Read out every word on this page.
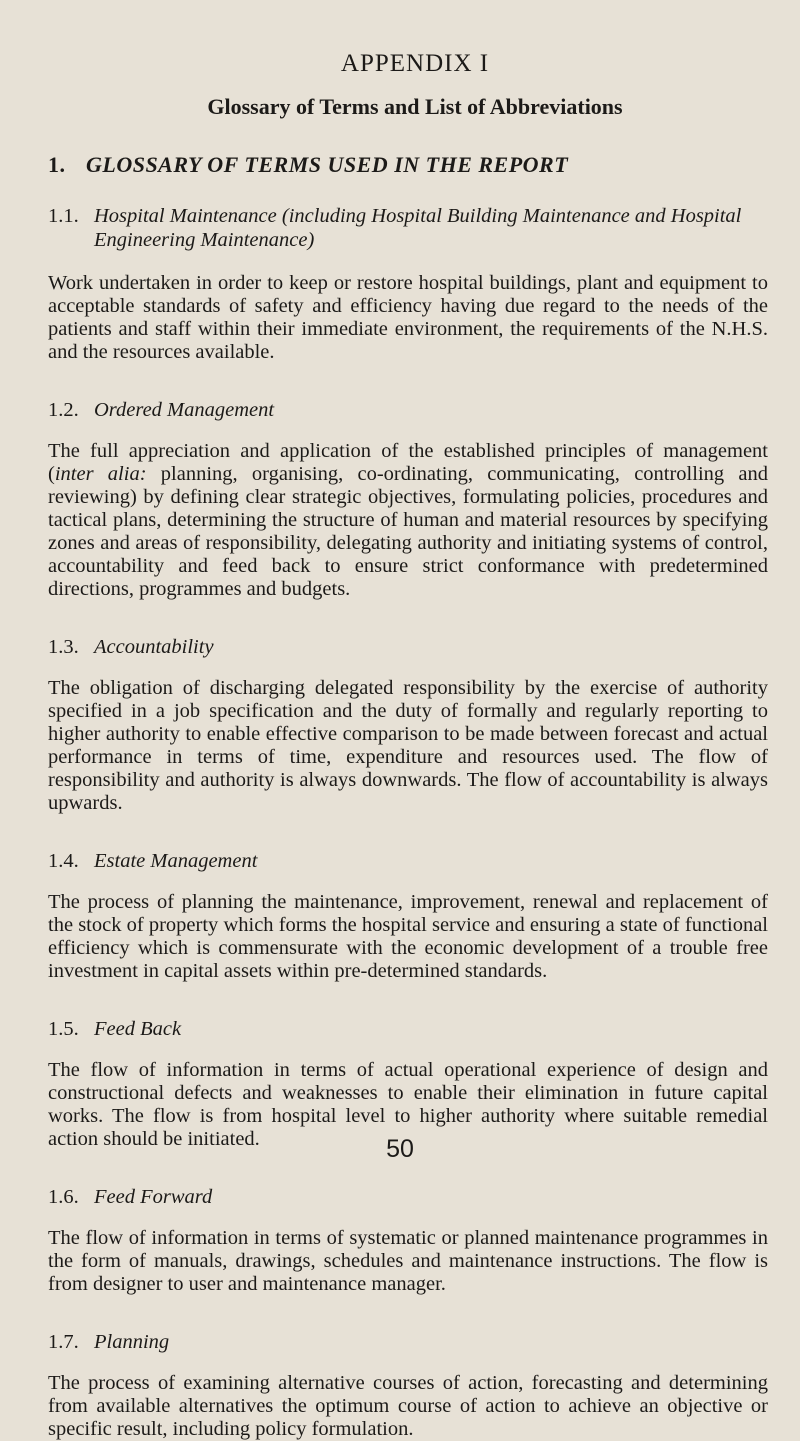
APPENDIX I
Glossary of Terms and List of Abbreviations
1. GLOSSARY OF TERMS USED IN THE REPORT
1.1. Hospital Maintenance (including Hospital Building Maintenance and Hospital Engineering Maintenance)

Work undertaken in order to keep or restore hospital buildings, plant and equipment to acceptable standards of safety and efficiency having due regard to the needs of the patients and staff within their immediate environment, the requirements of the N.H.S. and the resources available.

1.2. Ordered Management

The full appreciation and application of the established principles of management (inter alia: planning, organising, co-ordinating, communicating, controlling and reviewing) by defining clear strategic objectives, formulating policies, procedures and tactical plans, determining the structure of human and material resources by specifying zones and areas of responsibility, delegating authority and initiating systems of control, accountability and feed back to ensure strict conformance with predetermined directions, programmes and budgets.

1.3. Accountability

The obligation of discharging delegated responsibility by the exercise of authority specified in a job specification and the duty of formally and regularly reporting to higher authority to enable effective comparison to be made between forecast and actual performance in terms of time, expenditure and resources used. The flow of responsibility and authority is always downwards. The flow of accountability is always upwards.

1.4. Estate Management

The process of planning the maintenance, improvement, renewal and replacement of the stock of property which forms the hospital service and ensuring a state of functional efficiency which is commensurate with the economic development of a trouble free investment in capital assets within pre-determined standards.

1.5. Feed Back

The flow of information in terms of actual operational experience of design and constructional defects and weaknesses to enable their elimination in future capital works. The flow is from hospital level to higher authority where suitable remedial action should be initiated.

1.6. Feed Forward

The flow of information in terms of systematic or planned maintenance programmes in the form of manuals, drawings, schedules and maintenance instructions. The flow is from designer to user and maintenance manager.

1.7. Planning

The process of examining alternative courses of action, forecasting and determining from available alternatives the optimum course of action to achieve an objective or specific result, including policy formulation.

50
